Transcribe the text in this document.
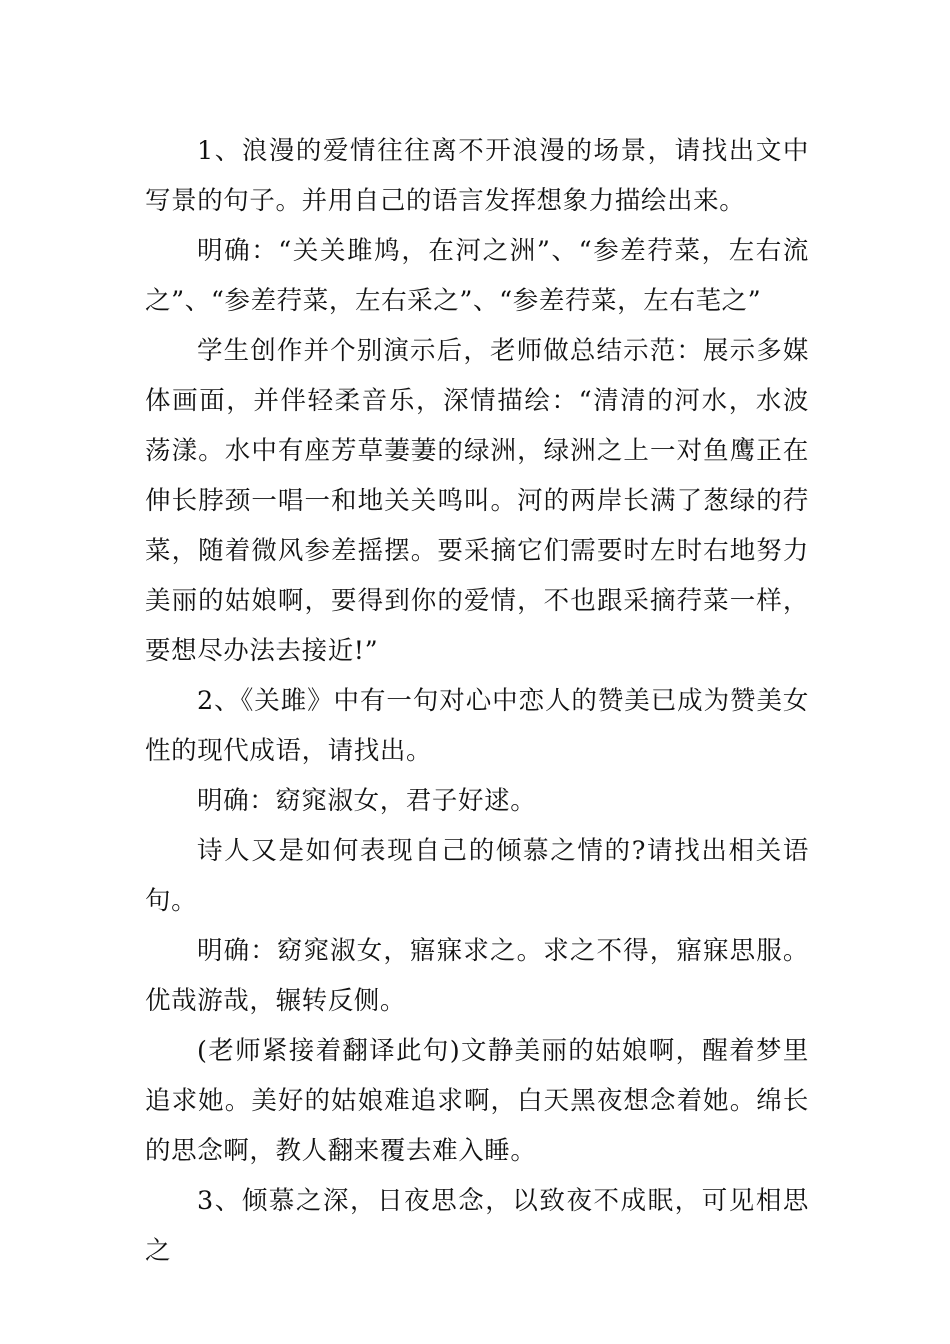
1、浪漫的爱情往往离不开浪漫的场景，请找出文中写景的句子。并用自己的语言发挥想象力描绘出来。

明确：“关关雎鸠，在河之洲”、“参差荇菜，左右流之”、“参差荇菜，左右采之”、“参差荇菜，左右芼之”

学生创作并个别演示后，老师做总结示范：展示多媒体画面，并伴轻柔音乐，深情描绘：“清清的河水，水波荡漾。水中有座芳草萋萋的绿洲，绿洲之上一对鱼鹰正在伸长脖颈一唱一和地关关鸣叫。河的两岸长满了葱绿的荇菜，随着微风参差摇摆。要采摘它们需要时左时右地努力美丽的姑娘啊，要得到你的爱情，不也跟采摘荇菜一样，要想尽办法去接近!”

2、《关雎》中有一句对心中恋人的赞美已成为赞美女性的现代成语，请找出。

明确：窈窕淑女，君子好逑。

诗人又是如何表现自己的倾慕之情的?请找出相关语句。

明确：窈窕淑女，寤寐求之。求之不得，寤寐思服。优哉游哉，辗转反侧。

(老师紧接着翻译此句)文静美丽的姑娘啊，醒着梦里追求她。美好的姑娘难追求啊，白天黑夜想念着她。绵长的思念啊，教人翻来覆去难入睡。

3、倾慕之深，日夜思念，以致夜不成眠，可见相思之
